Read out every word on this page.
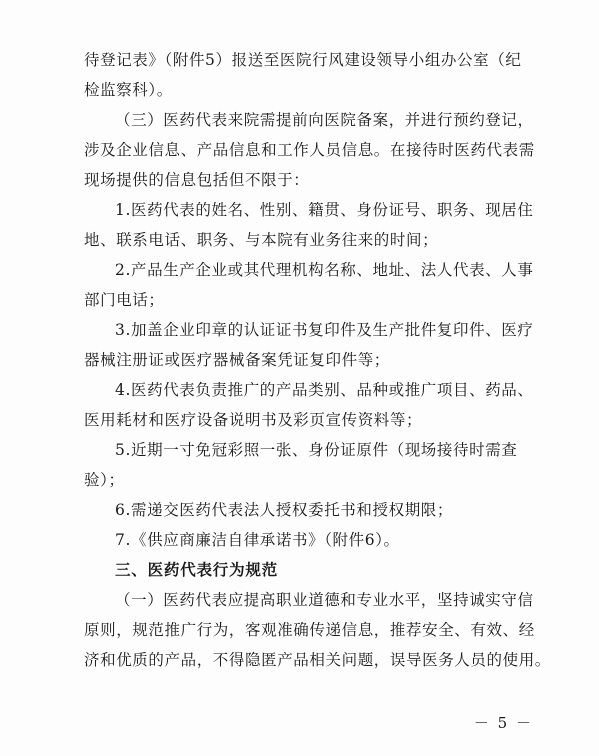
待登记表》（附件5）报送至医院行风建设领导小组办公室（纪
检监察科）。
（三）医药代表来院需提前向医院备案，并进行预约登记，
涉及企业信息、产品信息和工作人员信息。在接待时医药代表需
现场提供的信息包括但不限于：
1.医药代表的姓名、性别、籍贯、身份证号、职务、现居住
地、联系电话、职务、与本院有业务往来的时间；
2.产品生产企业或其代理机构名称、地址、法人代表、人事
部门电话；
3.加盖企业印章的认证证书复印件及生产批件复印件、医疗
器械注册证或医疗器械备案凭证复印件等；
4.医药代表负责推广的产品类别、品种或推广项目、药品、
医用耗材和医疗设备说明书及彩页宣传资料等；
5.近期一寸免冠彩照一张、身份证原件（现场接待时需查
验）；
6.需递交医药代表法人授权委托书和授权期限；
7.《供应商廉洁自律承诺书》（附件6）。
三、医药代表行为规范
（一）医药代表应提高职业道德和专业水平，坚持诚实守信
原则，规范推广行为，客观准确传递信息，推荐安全、有效、经
济和优质的产品，不得隐匿产品相关问题，误导医务人员的使用。
－ 5 －
